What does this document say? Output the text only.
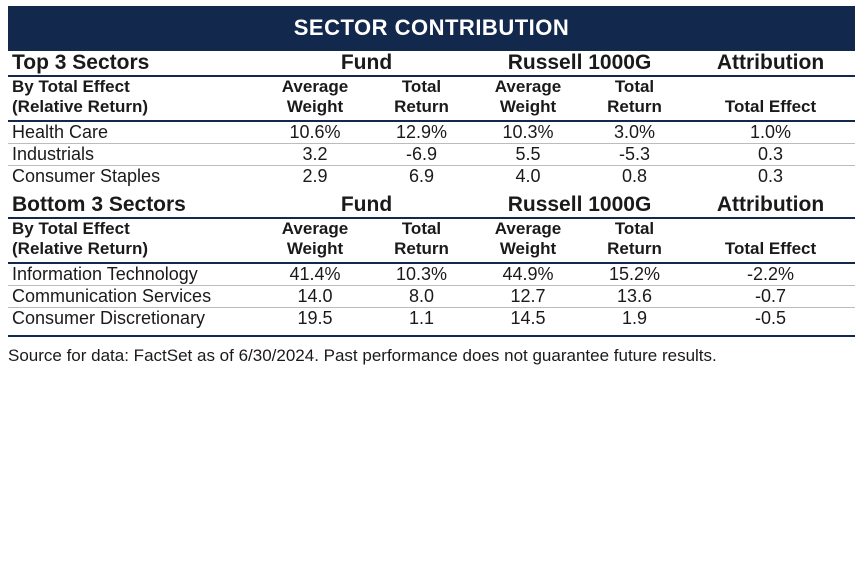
SECTOR CONTRIBUTION
Top 3 Sectors	Fund		Russell 1000G		Attribution
By Total Effect	Average	Total	Average	Total	
(Relative Return)	Weight	Return	Weight	Return	Total Effect
Health Care	10.6%	12.9%	10.3%	3.0%	1.0%
Industrials	3.2	-6.9	5.5	-5.3	0.3
Consumer Staples	2.9	6.9	4.0	0.8	0.3

Bottom 3 Sectors	Fund		Russell 1000G		Attribution
By Total Effect	Average	Total	Average	Total	
(Relative Return)	Weight	Return	Weight	Return	Total Effect
Information Technology	41.4%	10.3%	44.9%	15.2%	-2.2%
Communication Services	14.0	8.0	12.7	13.6	-0.7
Consumer Discretionary	19.5	1.1	14.5	1.9	-0.5
Source for data: FactSet as of 6/30/2024. Past performance does not guarantee future results.
